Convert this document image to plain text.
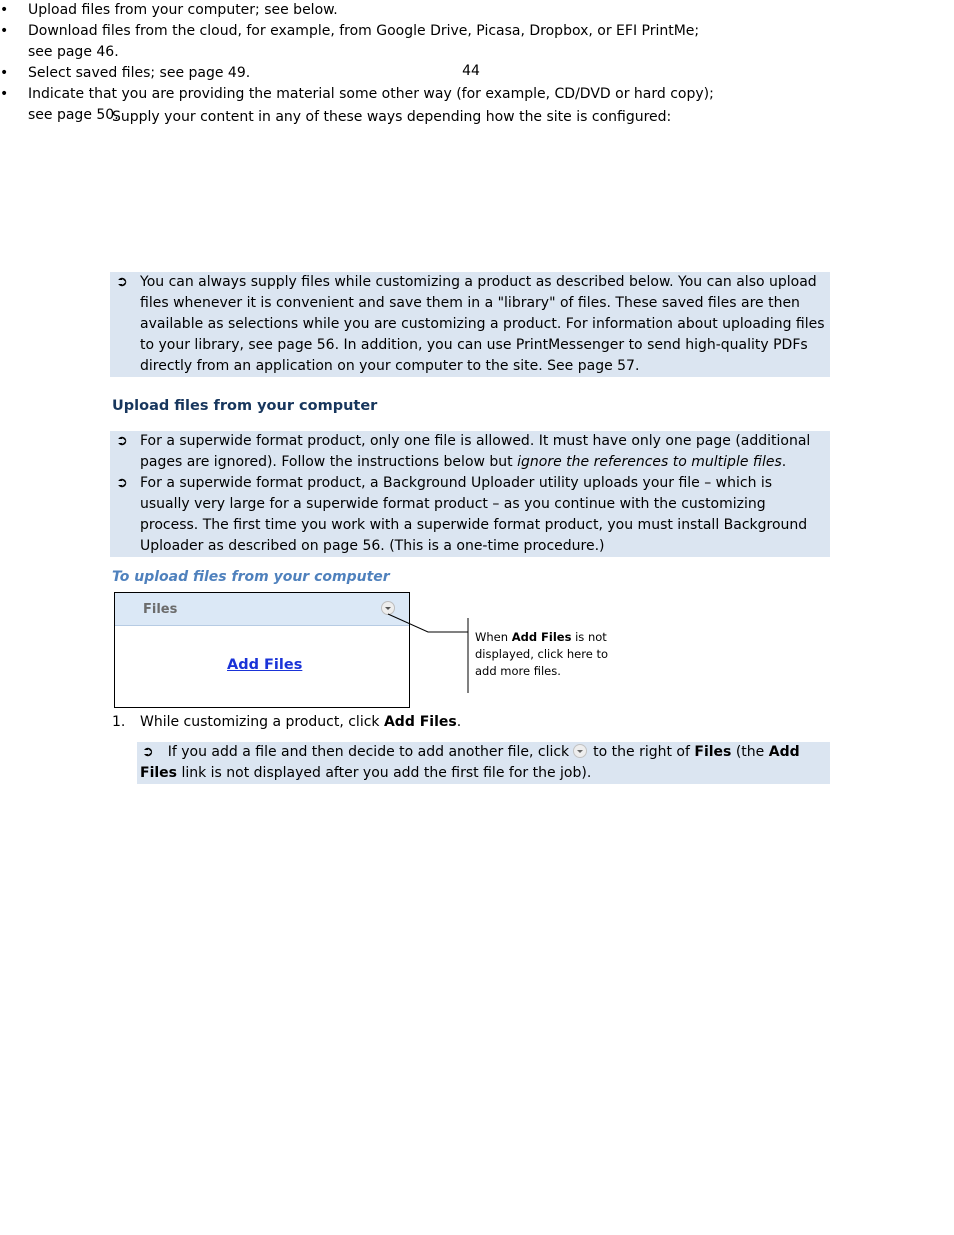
44
Supply your content in any of these ways depending how the site is configured:
• Upload files from your computer; see below.
• Download files from the cloud, for example, from Google Drive, Picasa, Dropbox, or EFI PrintMe; see page 46.
• Select saved files; see page 49.
• Indicate that you are providing the material some other way (for example, CD/DVD or hard copy); see page 50.
➲ You can always supply files while customizing a product as described below. You can also upload files whenever it is convenient and save them in a "library" of files. These saved files are then available as selections while you are customizing a product. For information about uploading files to your library, see page 56. In addition, you can use PrintMessenger to send high-quality PDFs directly from an application on your computer to the site. See page 57.
Upload files from your computer
➲ For a superwide format product, only one file is allowed. It must have only one page (additional pages are ignored). Follow the instructions below but ignore the references to multiple files.
➲ For a superwide format product, a Background Uploader utility uploads your file – which is usually very large for a superwide format product – as you continue with the customizing process. The first time you work with a superwide format product, you must install Background Uploader as described on page 56. (This is a one-time procedure.)
To upload files from your computer
Files
Add Files
When Add Files is not displayed, click here to add more files.
1. While customizing a product, click Add Files.
➲ If you add a file and then decide to add another file, click to the right of Files (the Add Files link is not displayed after you add the first file for the job).
